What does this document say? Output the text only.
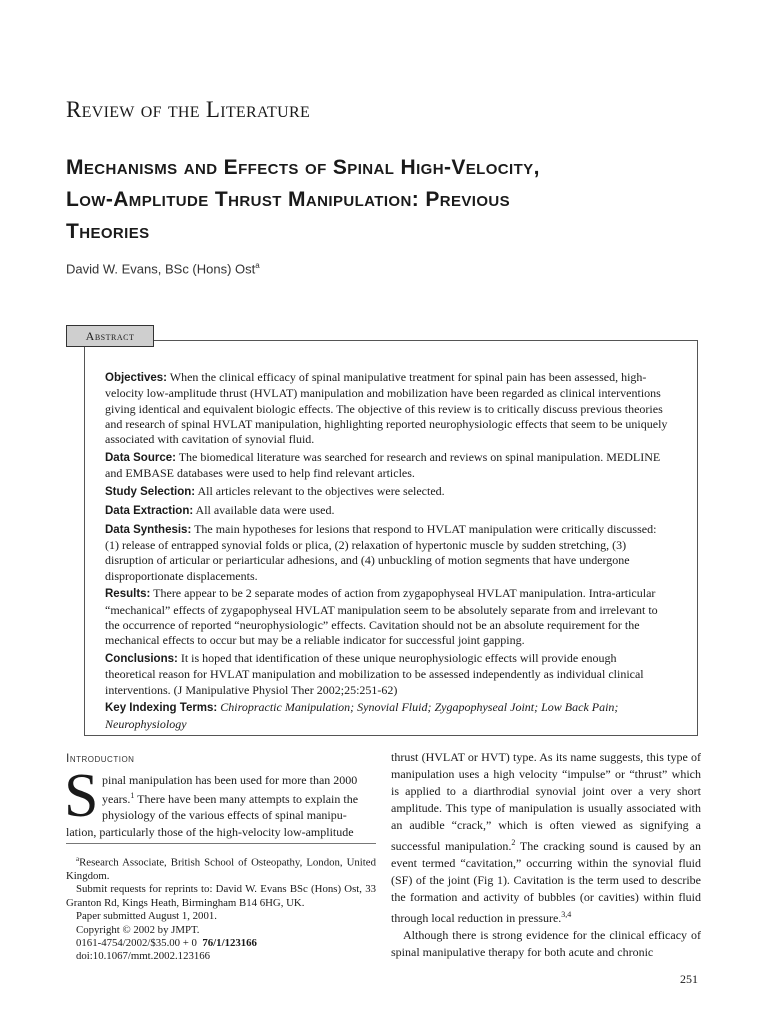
Review of the Literature
Mechanisms and Effects of Spinal High-Velocity,
Low-Amplitude Thrust Manipulation: Previous
Theories
David W. Evans, BSc (Hons) Ost$^a$
Abstract

Objectives: When the clinical efficacy of spinal manipulative treatment for spinal pain has been assessed, high-velocity low-amplitude thrust (HVLAT) manipulation and mobilization have been regarded as clinical interventions giving identical and equivalent biologic effects. The objective of this review is to critically discuss previous theories and research of spinal HVLAT manipulation, highlighting reported neurophysiologic effects that seem to be uniquely associated with cavitation of synovial fluid.

Data Source: The biomedical literature was searched for research and reviews on spinal manipulation. MEDLINE and EMBASE databases were used to help find relevant articles.

Study Selection: All articles relevant to the objectives were selected.

Data Extraction: All available data were used.

Data Synthesis: The main hypotheses for lesions that respond to HVLAT manipulation were critically discussed: (1) release of entrapped synovial folds or plica, (2) relaxation of hypertonic muscle by sudden stretching, (3) disruption of articular or periarticular adhesions, and (4) unbuckling of motion segments that have undergone disproportionate displacements.

Results: There appear to be 2 separate modes of action from zygapophyseal HVLAT manipulation. Intra-articular “mechanical” effects of zygapophyseal HVLAT manipulation seem to be absolutely separate from and irrelevant to the occurrence of reported “neurophysiologic” effects. Cavitation should not be an absolute requirement for the mechanical effects to occur but may be a reliable indicator for successful joint gapping.

Conclusions: It is hoped that identification of these unique neurophysiologic effects will provide enough theoretical reason for HVLAT manipulation and mobilization to be assessed independently as individual clinical interventions. (J Manipulative Physiol Ther 2002;25:251-62)

Key Indexing Terms: Chiropractic Manipulation; Synovial Fluid; Zygapophyseal Joint; Low Back Pain; Neurophysiology

Introduction
S pinal manipulation has been used for more than 2000
years.$^1$ There have been many attempts to explain the
physiology of the various effects of spinal manipu-
lation, particularly those of the high-velocity low-amplitude
$^a$Research Associate, British School of Osteopathy, London, United Kingdom.
Submit requests for reprints to: David W. Evans BSc (Hons) Ost, 33 Granton Rd, Kings Heath, Birmingham B14 6HG, UK.
Paper submitted August 1, 2001.
Copyright © 2002 by JMPT.
0161-4754/2002/$35.00 + 0 76/1/123166
doi:10.1067/mmt.2002.123166

thrust (HVLAT or HVT) type. As its name suggests, this type of manipulation uses a high velocity “impulse” or “thrust” which is applied to a diarthrodial synovial joint over a very short amplitude. This type of manipulation is usually associated with an audible “crack,” which is often viewed as signifying a successful manipulation.$^2$ The cracking sound is caused by an event termed “cavitation,” occurring within the synovial fluid (SF) of the joint (Fig 1). Cavitation is the term used to describe the formation and activity of bubbles (or cavities) within fluid through local reduction in pressure.$^{3,4}$

Although there is strong evidence for the clinical efficacy of spinal manipulative therapy for both acute and chronic

251
